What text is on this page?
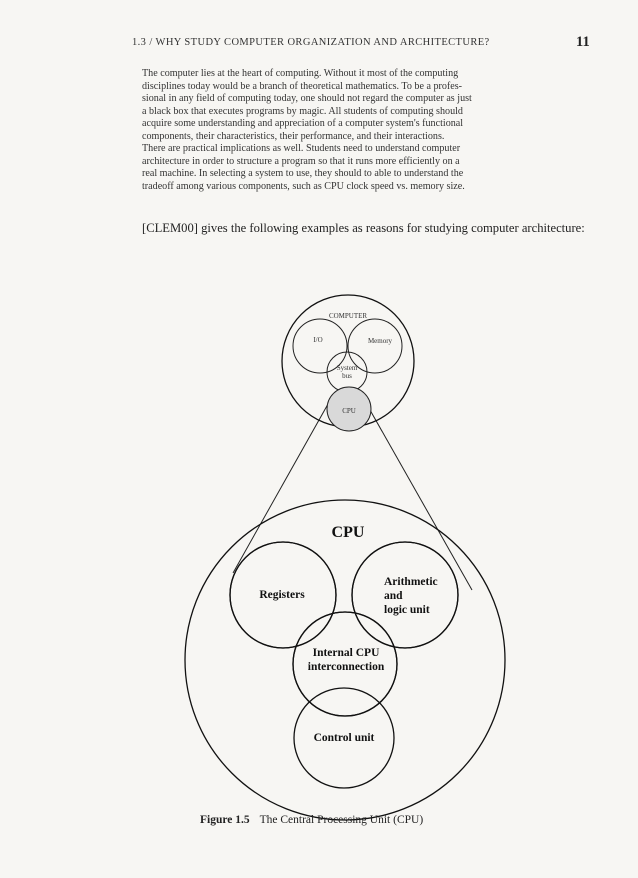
1.3 / WHY STUDY COMPUTER ORGANIZATION AND ARCHITECTURE?	11
The computer lies at the heart of computing. Without it most of the computing
disciplines today would be a branch of theoretical mathematics. To be a profes-
sional in any field of computing today, one should not regard the computer as just
a black box that executes programs by magic. All students of computing should
acquire some understanding and appreciation of a computer system's functional
components, their characteristics, their performance, and their interactions.
There are practical implications as well. Students need to understand computer
architecture in order to structure a program so that it runs more efficiently on a
real machine. In selecting a system to use, they should to able to understand the
tradeoff among various components, such as CPU clock speed vs. memory size.
[CLEM00] gives the following examples as reasons for studying computer architecture:
COMPUTER
I/O	Memory
System
bus
CPU
CPU
Registers
Arithmetic
and
logic unit
Internal CPU
interconnection
Control unit
Figure 1.5 The Central Processing Unit (CPU)
